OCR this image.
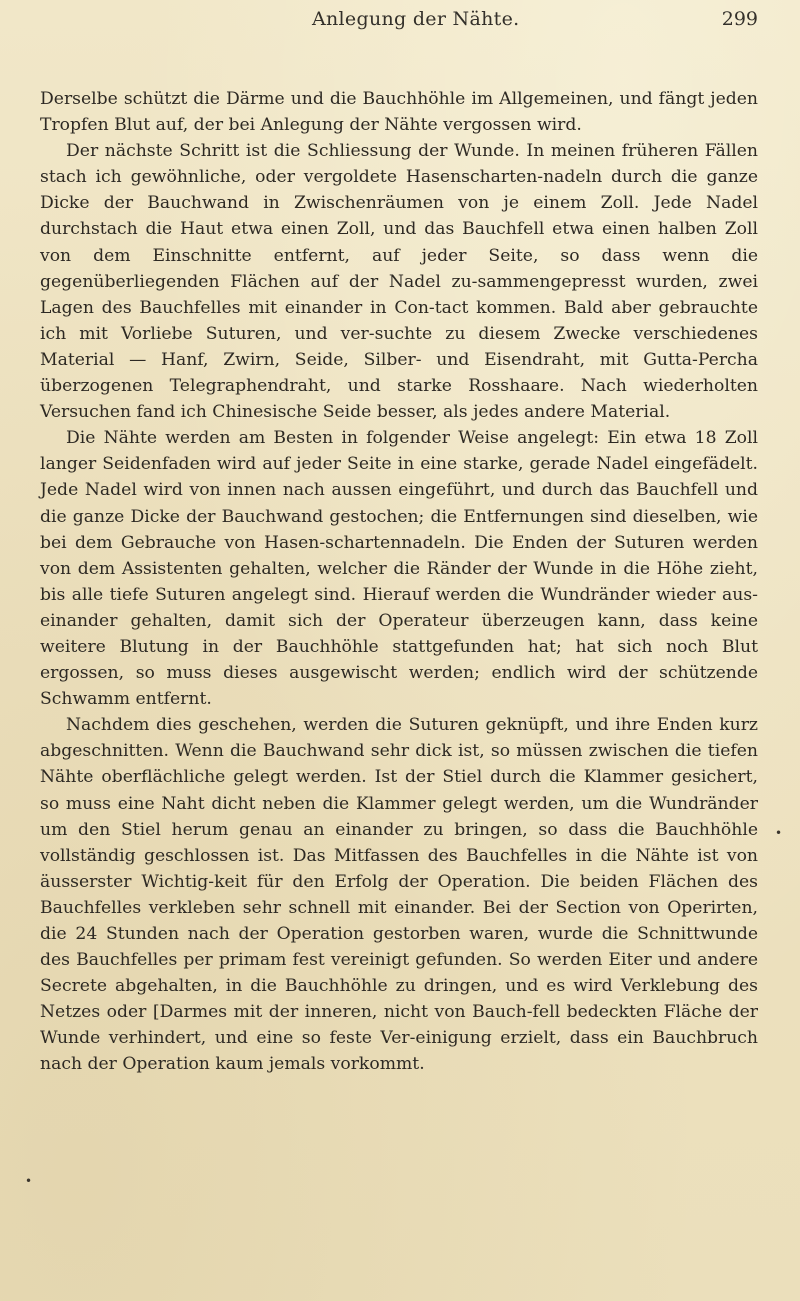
Anlegung der Nähte.	299

Derselbe schützt die Därme und die Bauchhöhle im Allgemeinen, und fängt jeden Tropfen Blut auf, der bei Anlegung der Nähte vergossen wird.

Der nächste Schritt ist die Schliessung der Wunde. In meinen früheren Fällen stach ich gewöhnliche, oder vergoldete Hasenscharten-nadeln durch die ganze Dicke der Bauchwand in Zwischenräumen von je einem Zoll. Jede Nadel durchstach die Haut etwa einen Zoll, und das Bauchfell etwa einen halben Zoll von dem Einschnitte entfernt, auf jeder Seite, so dass wenn die gegenüberliegenden Flächen auf der Nadel zu-sammengepresst wurden, zwei Lagen des Bauchfelles mit einander in Con-tact kommen. Bald aber gebrauchte ich mit Vorliebe Suturen, und ver-suchte zu diesem Zwecke verschiedenes Material — Hanf, Zwirn, Seide, Silber- und Eisendraht, mit Gutta-Percha überzogenen Telegraphendraht, und starke Rosshaare. Nach wiederholten Versuchen fand ich Chinesische Seide besser, als jedes andere Material.

Die Nähte werden am Besten in folgender Weise angelegt: Ein etwa 18 Zoll langer Seidenfaden wird auf jeder Seite in eine starke, gerade Nadel eingefädelt. Jede Nadel wird von innen nach aussen eingeführt, und durch das Bauchfell und die ganze Dicke der Bauchwand gestochen; die Entfernungen sind dieselben, wie bei dem Gebrauche von Hasen-schartennadeln. Die Enden der Suturen werden von dem Assistenten gehalten, welcher die Ränder der Wunde in die Höhe zieht, bis alle tiefe Suturen angelegt sind. Hierauf werden die Wundränder wieder aus-einander gehalten, damit sich der Operateur überzeugen kann, dass keine weitere Blutung in der Bauchhöhle stattgefunden hat; hat sich noch Blut ergossen, so muss dieses ausgewischt werden; endlich wird der schützende Schwamm entfernt.

Nachdem dies geschehen, werden die Suturen geknüpft, und ihre Enden kurz abgeschnitten. Wenn die Bauchwand sehr dick ist, so müssen zwischen die tiefen Nähte oberflächliche gelegt werden. Ist der Stiel durch die Klammer gesichert, so muss eine Naht dicht neben die Klammer gelegt werden, um die Wundränder um den Stiel herum genau an einander zu bringen, so dass die Bauchhöhle vollständig geschlossen ist. Das Mitfassen des Bauchfelles in die Nähte ist von äusserster Wichtig-keit für den Erfolg der Operation. Die beiden Flächen des Bauchfelles verkleben sehr schnell mit einander. Bei der Section von Operirten, die 24 Stunden nach der Operation gestorben waren, wurde die Schnittwunde des Bauchfelles per primam fest vereinigt gefunden. So werden Eiter und andere Secrete abgehalten, in die Bauchhöhle zu dringen, und es wird Verklebung des Netzes oder [Darmes mit der inneren, nicht von Bauch-fell bedeckten Fläche der Wunde verhindert, und eine so feste Ver-einigung erzielt, dass ein Bauchbruch nach der Operation kaum jemals vorkommt.

•
•
